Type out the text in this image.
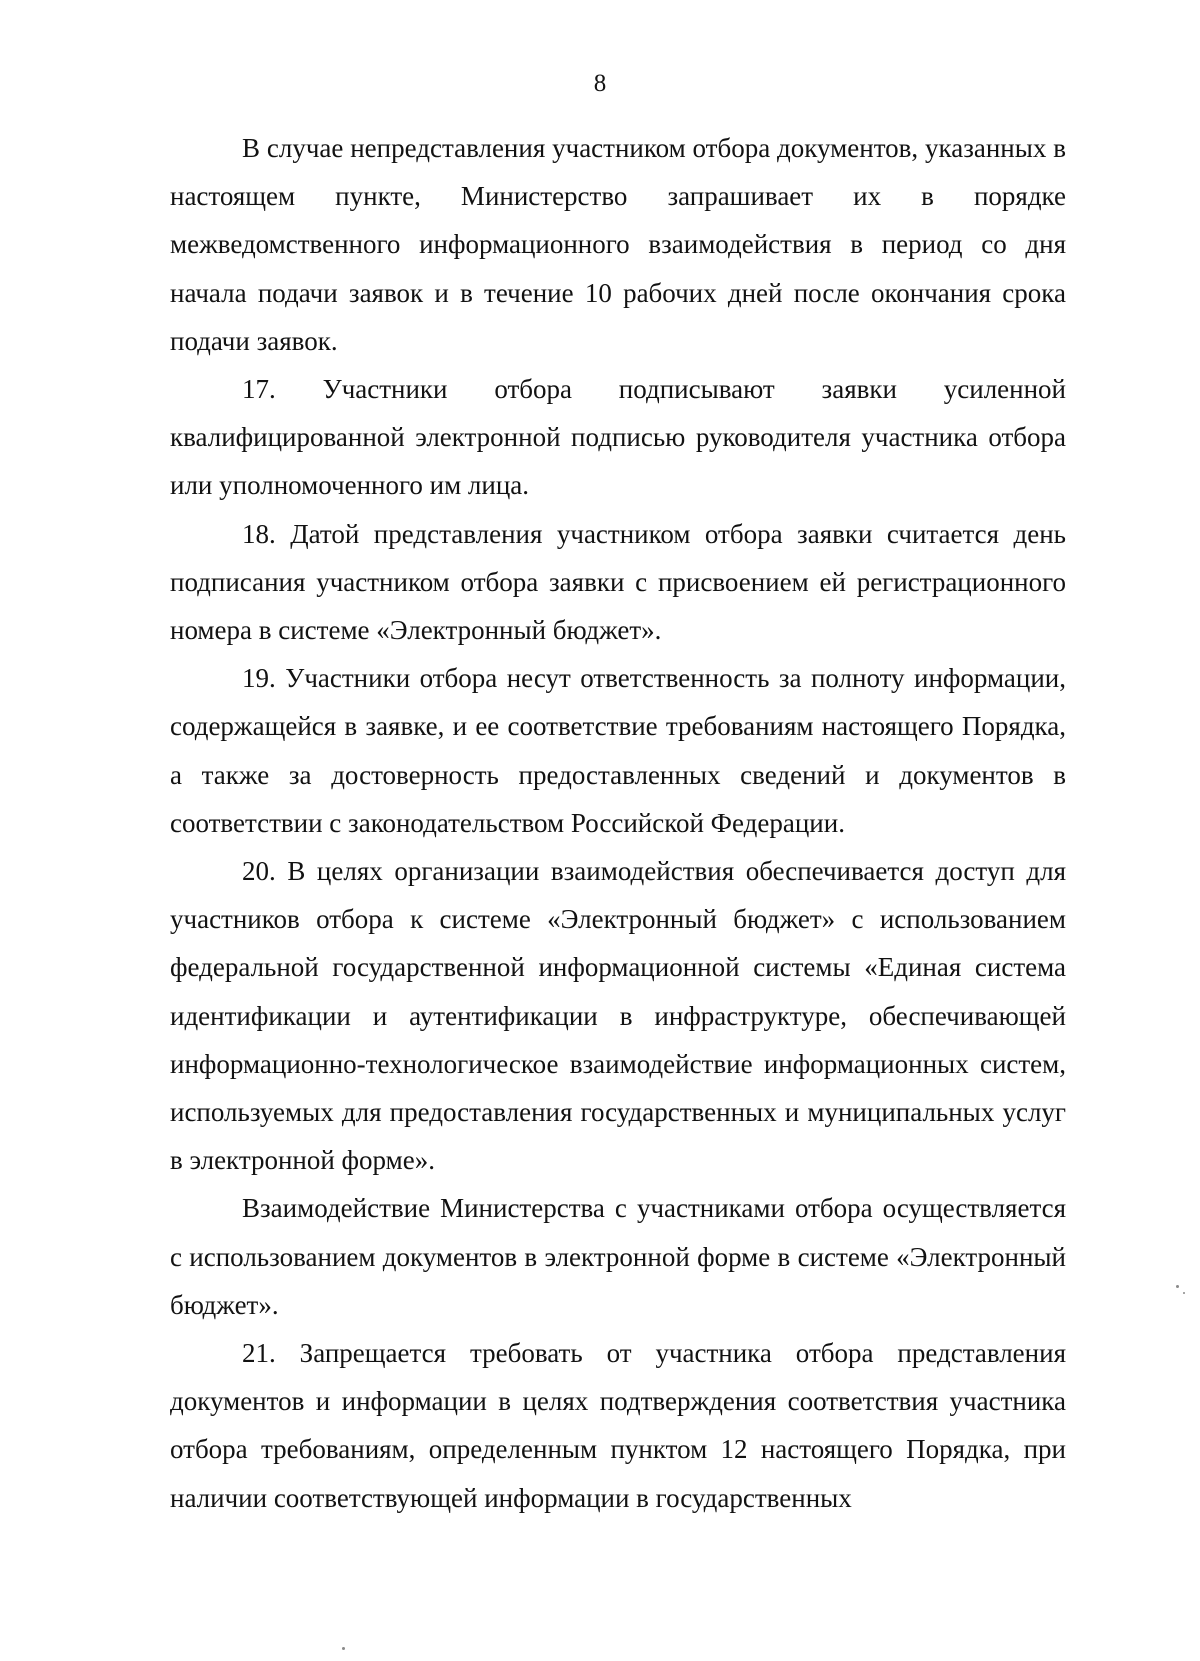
8

В случае непредставления участником отбора документов, указанных в настоящем пункте, Министерство запрашивает их в порядке межведомственного информационного взаимодействия в период со дня начала подачи заявок и в течение 10 рабочих дней после окончания срока подачи заявок.

17. Участники отбора подписывают заявки усиленной квалифицированной электронной подписью руководителя участника отбора или уполномоченного им лица.

18. Датой представления участником отбора заявки считается день подписания участником отбора заявки с присвоением ей регистрационного номера в системе «Электронный бюджет».

19. Участники отбора несут ответственность за полноту информации, содержащейся в заявке, и ее соответствие требованиям настоящего Порядка, а также за достоверность предоставленных сведений и документов в соответствии с законодательством Российской Федерации.

20. В целях организации взаимодействия обеспечивается доступ для участников отбора к системе «Электронный бюджет» с использованием федеральной государственной информационной системы «Единая система идентификации и аутентификации в инфраструктуре, обеспечивающей информационно-технологическое взаимодействие информационных систем, используемых для предоставления государственных и муниципальных услуг в электронной форме».

Взаимодействие Министерства с участниками отбора осуществляется с использованием документов в электронной форме в системе «Электронный бюджет».

21. Запрещается требовать от участника отбора представления документов и информации в целях подтверждения соответствия участника отбора требованиям, определенным пунктом 12 настоящего Порядка, при наличии соответствующей информации в государственных
